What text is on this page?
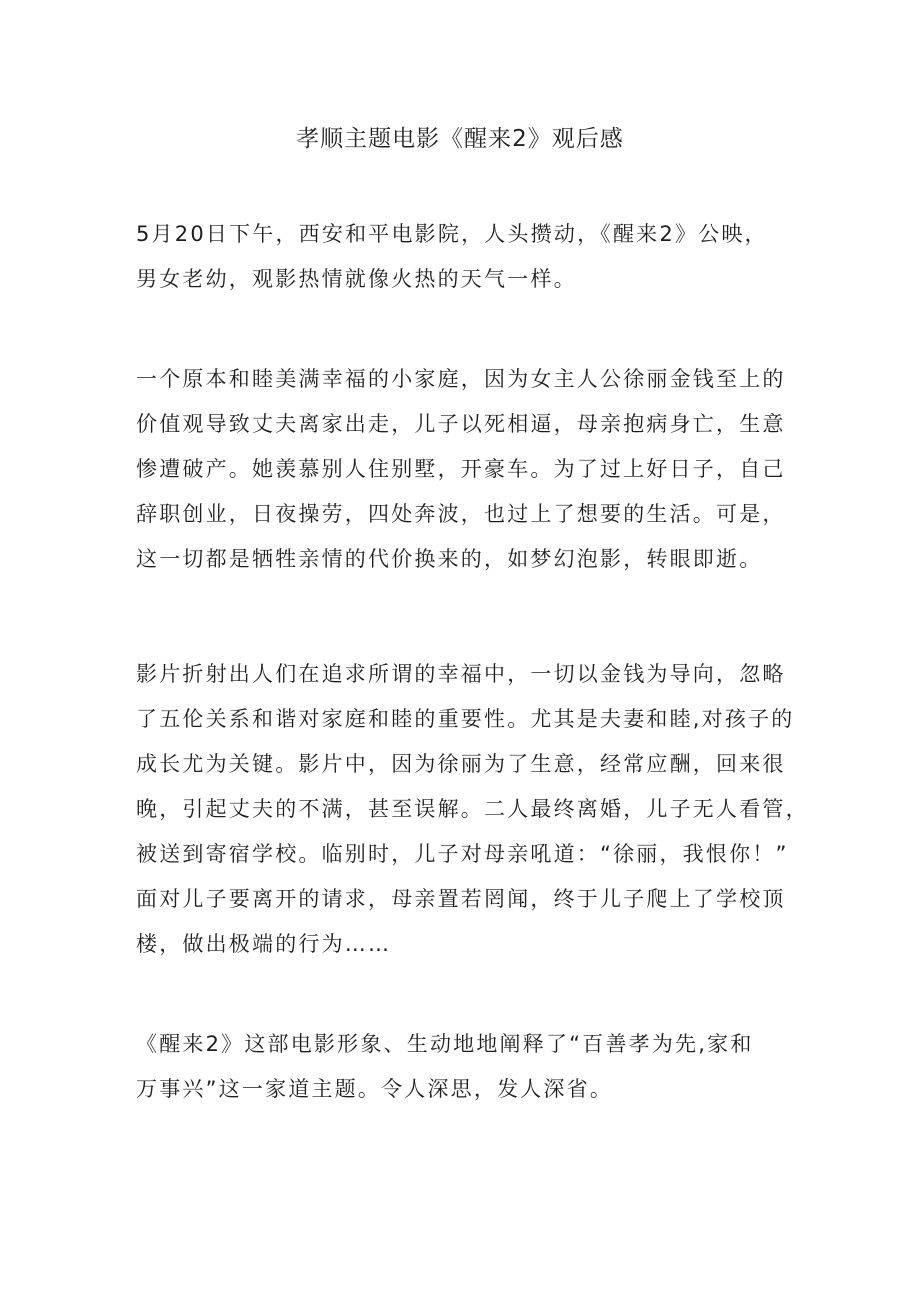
孝顺主题电影《醒来2》观后感
5月20日下午，西安和平电影院，人头攒动，《醒来2》公映，
男女老幼，观影热情就像火热的天气一样。
一个原本和睦美满幸福的小家庭，因为女主人公徐丽金钱至上的
价值观导致丈夫离家出走，儿子以死相逼，母亲抱病身亡，生意
惨遭破产。她羡慕别人住别墅，开豪车。为了过上好日子，自己
辞职创业，日夜操劳，四处奔波，也过上了想要的生活。可是，
这一切都是牺牲亲情的代价换来的，如梦幻泡影，转眼即逝。
影片折射出人们在追求所谓的幸福中，一切以金钱为导向，忽略
了五伦关系和谐对家庭和睦的重要性。尤其是夫妻和睦,对孩子的
成长尤为关键。影片中，因为徐丽为了生意，经常应酬，回来很
晚，引起丈夫的不满，甚至误解。二人最终离婚，儿子无人看管，
被送到寄宿学校。临别时，儿子对母亲吼道：“徐丽，我恨你！”
面对儿子要离开的请求，母亲置若罔闻，终于儿子爬上了学校顶
楼，做出极端的行为……
《醒来2》这部电影形象、生动地地阐释了“百善孝为先,家和
万事兴”这一家道主题。令人深思，发人深省。
